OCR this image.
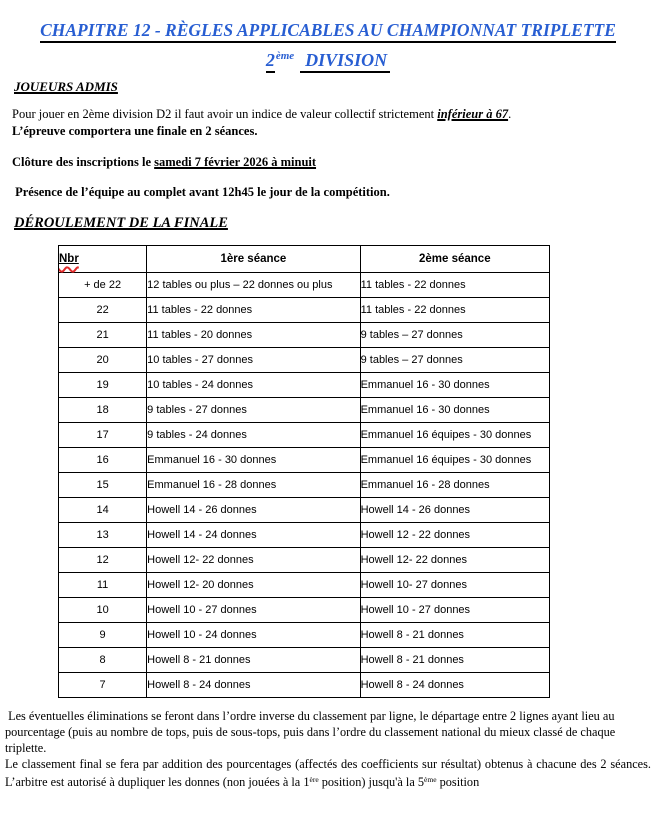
CHAPITRE 12 - RÈGLES APPLICABLES AU CHAMPIONNAT TRIPLETTE
2ème DIVISION
JOUEURS ADMIS
Pour jouer en 2ème division D2 il faut avoir un indice de valeur collectif strictement inférieur à 67.
L’épreuve comportera une finale en 2 séances.
Clôture des inscriptions le samedi 7 février 2026 à minuit
Présence de l’équipe au complet avant 12h45 le jour de la compétition.
DÉROULEMENT DE LA FINALE
Nbr	1ère séance	2ème séance
+ de 22	12 tables ou plus – 22 donnes ou plus	11 tables - 22 donnes
22	11 tables - 22 donnes	11 tables - 22 donnes
21	11 tables - 20 donnes	9 tables – 27 donnes
20	10 tables - 27 donnes	9 tables – 27 donnes
19	10 tables - 24 donnes	Emmanuel 16 - 30 donnes
18	9 tables - 27 donnes	Emmanuel 16 - 30 donnes
17	9 tables - 24 donnes	Emmanuel 16 équipes - 30 donnes
16	Emmanuel 16 - 30 donnes	Emmanuel 16 équipes - 30 donnes
15	Emmanuel 16 - 28 donnes	Emmanuel 16 - 28 donnes
14	Howell 14 - 26 donnes	Howell 14 - 26 donnes
13	Howell 14 - 24 donnes	Howell 12 - 22 donnes
12	Howell 12- 22 donnes	Howell 12- 22 donnes
11	Howell 12- 20 donnes	Howell 10- 27 donnes
10	Howell 10 - 27 donnes	Howell 10 - 27 donnes
9	Howell 10 - 24 donnes	Howell 8 - 21 donnes
8	Howell 8 - 21 donnes	Howell 8 - 21 donnes
7	Howell 8 - 24 donnes	Howell 8 - 24 donnes
Les éventuelles éliminations se feront dans l’ordre inverse du classement par ligne, le départage entre 2 lignes ayant lieu au pourcentage (puis au nombre de tops, puis de sous-tops, puis dans l’ordre du classement national du mieux classé de chaque triplette.
Le classement final se fera par addition des pourcentages (affectés des coefficients sur résultat) obtenus à chacune des 2 séances.
L’arbitre est autorisé à dupliquer les donnes (non jouées à la 1ère position) jusqu'à la 5ème position
